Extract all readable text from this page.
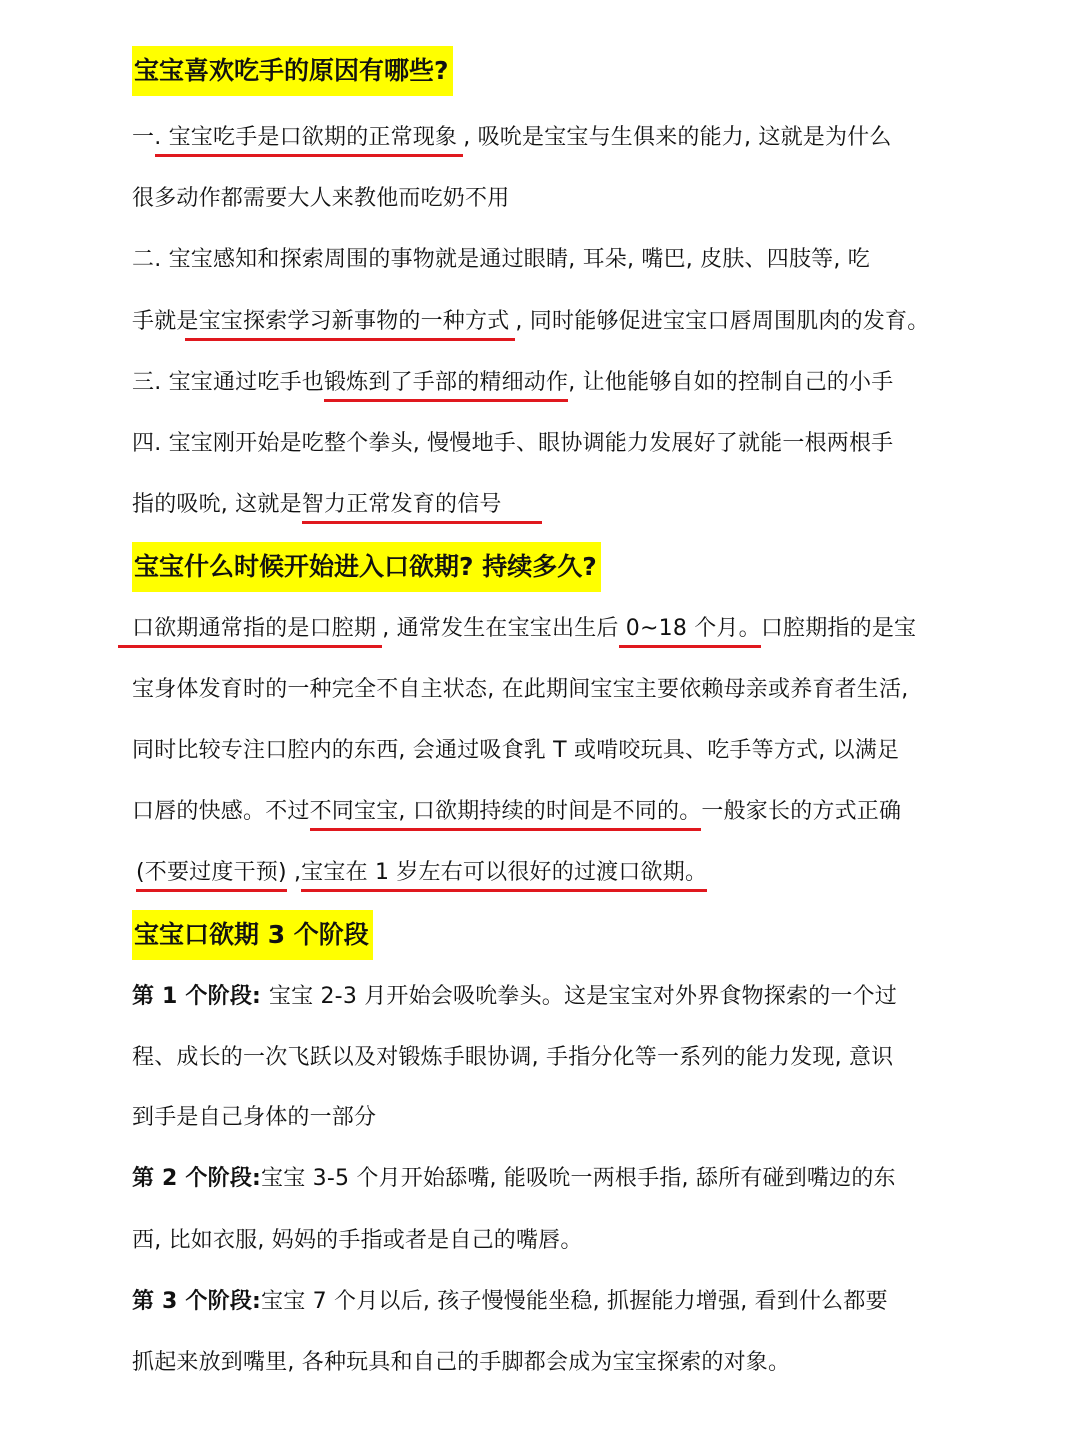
宝宝喜欢吃手的原因有哪些?
一. 宝宝吃手是口欲期的正常现象 , 吸吮是宝宝与生俱来的能力, 这就是为什么
很多动作都需要大人来教他而吃奶不用
二. 宝宝感知和探索周围的事物就是通过眼睛, 耳朵, 嘴巴, 皮肤、四肢等, 吃
手就是宝宝探索学习新事物的一种方式 , 同时能够促进宝宝口唇周围肌肉的发育。
三. 宝宝通过吃手也锻炼到了手部的精细动作, 让他能够自如的控制自己的小手
四. 宝宝刚开始是吃整个拳头, 慢慢地手、眼协调能力发展好了就能一根两根手
指的吸吮, 这就是智力正常发育的信号
宝宝什么时候开始进入口欲期? 持续多久?
口欲期通常指的是口腔期 , 通常发生在宝宝出生后 0~18 个月。口腔期指的是宝
宝身体发育时的一种完全不自主状态, 在此期间宝宝主要依赖母亲或养育者生活,
同时比较专注口腔内的东西, 会通过吸食乳 T 或啃咬玩具、吃手等方式, 以满足
口唇的快感。不过不同宝宝, 口欲期持续的时间是不同的。一般家长的方式正确
(不要过度干预) ,宝宝在 1 岁左右可以很好的过渡口欲期。
宝宝口欲期 3 个阶段
第 1 个阶段: 宝宝 2-3 月开始会吸吮拳头。这是宝宝对外界食物探索的一个过
程、成长的一次飞跃以及对锻炼手眼协调, 手指分化等一系列的能力发现, 意识
到手是自己身体的一部分
第 2 个阶段:宝宝 3-5 个月开始舔嘴, 能吸吮一两根手指, 舔所有碰到嘴边的东
西, 比如衣服, 妈妈的手指或者是自己的嘴唇。
第 3 个阶段:宝宝 7 个月以后, 孩子慢慢能坐稳, 抓握能力增强, 看到什么都要
抓起来放到嘴里, 各种玩具和自己的手脚都会成为宝宝探索的对象。
